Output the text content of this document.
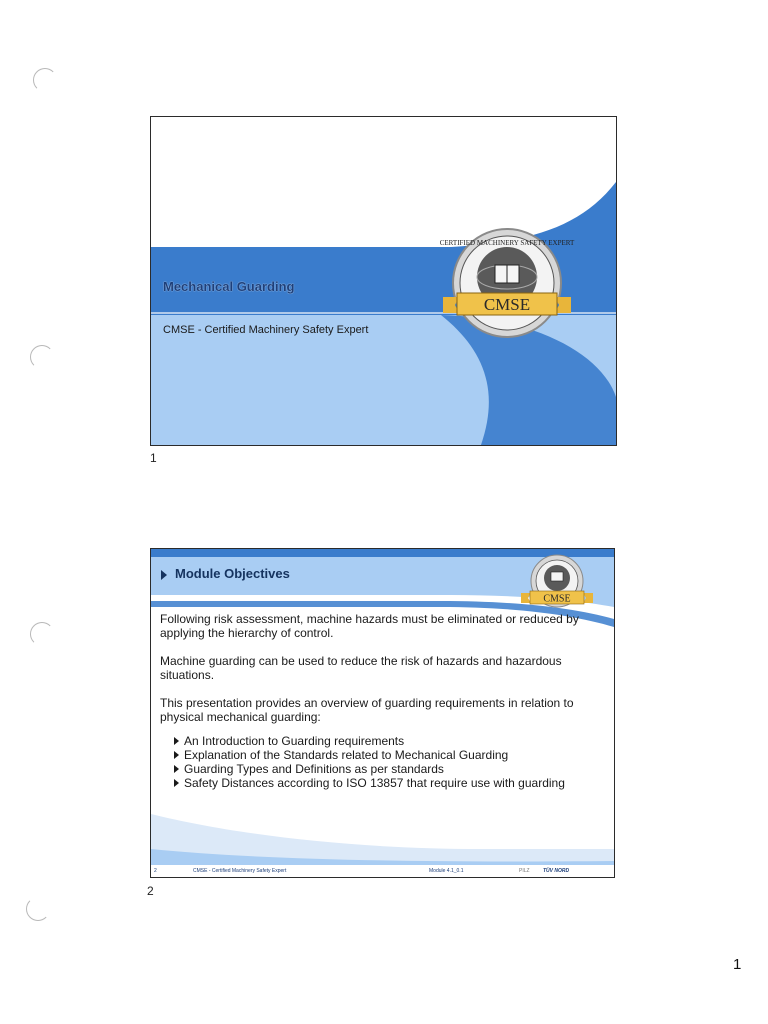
Mechanical Guarding
CMSE - Certified Machinery Safety Expert
CERTIFIED MACHINERY SAFETY EXPERT
CMSE
1
Module Objectives
CMSE

Following risk assessment, machine hazards must be eliminated or reduced by applying the hierarchy of control.

Machine guarding can be used to reduce the risk of hazards and hazardous situations.

This presentation provides an overview of guarding requirements in relation to physical mechanical guarding:

An Introduction to Guarding requirements
Explanation of the Standards related to Mechanical Guarding
Guarding Types and Definitions as per standards
Safety Distances according to ISO 13857 that require use with guarding
2	CMSE - Certified Machinery Safety Expert	Module 4.1_0.1	PILZ	TÜV NORD
2
1
